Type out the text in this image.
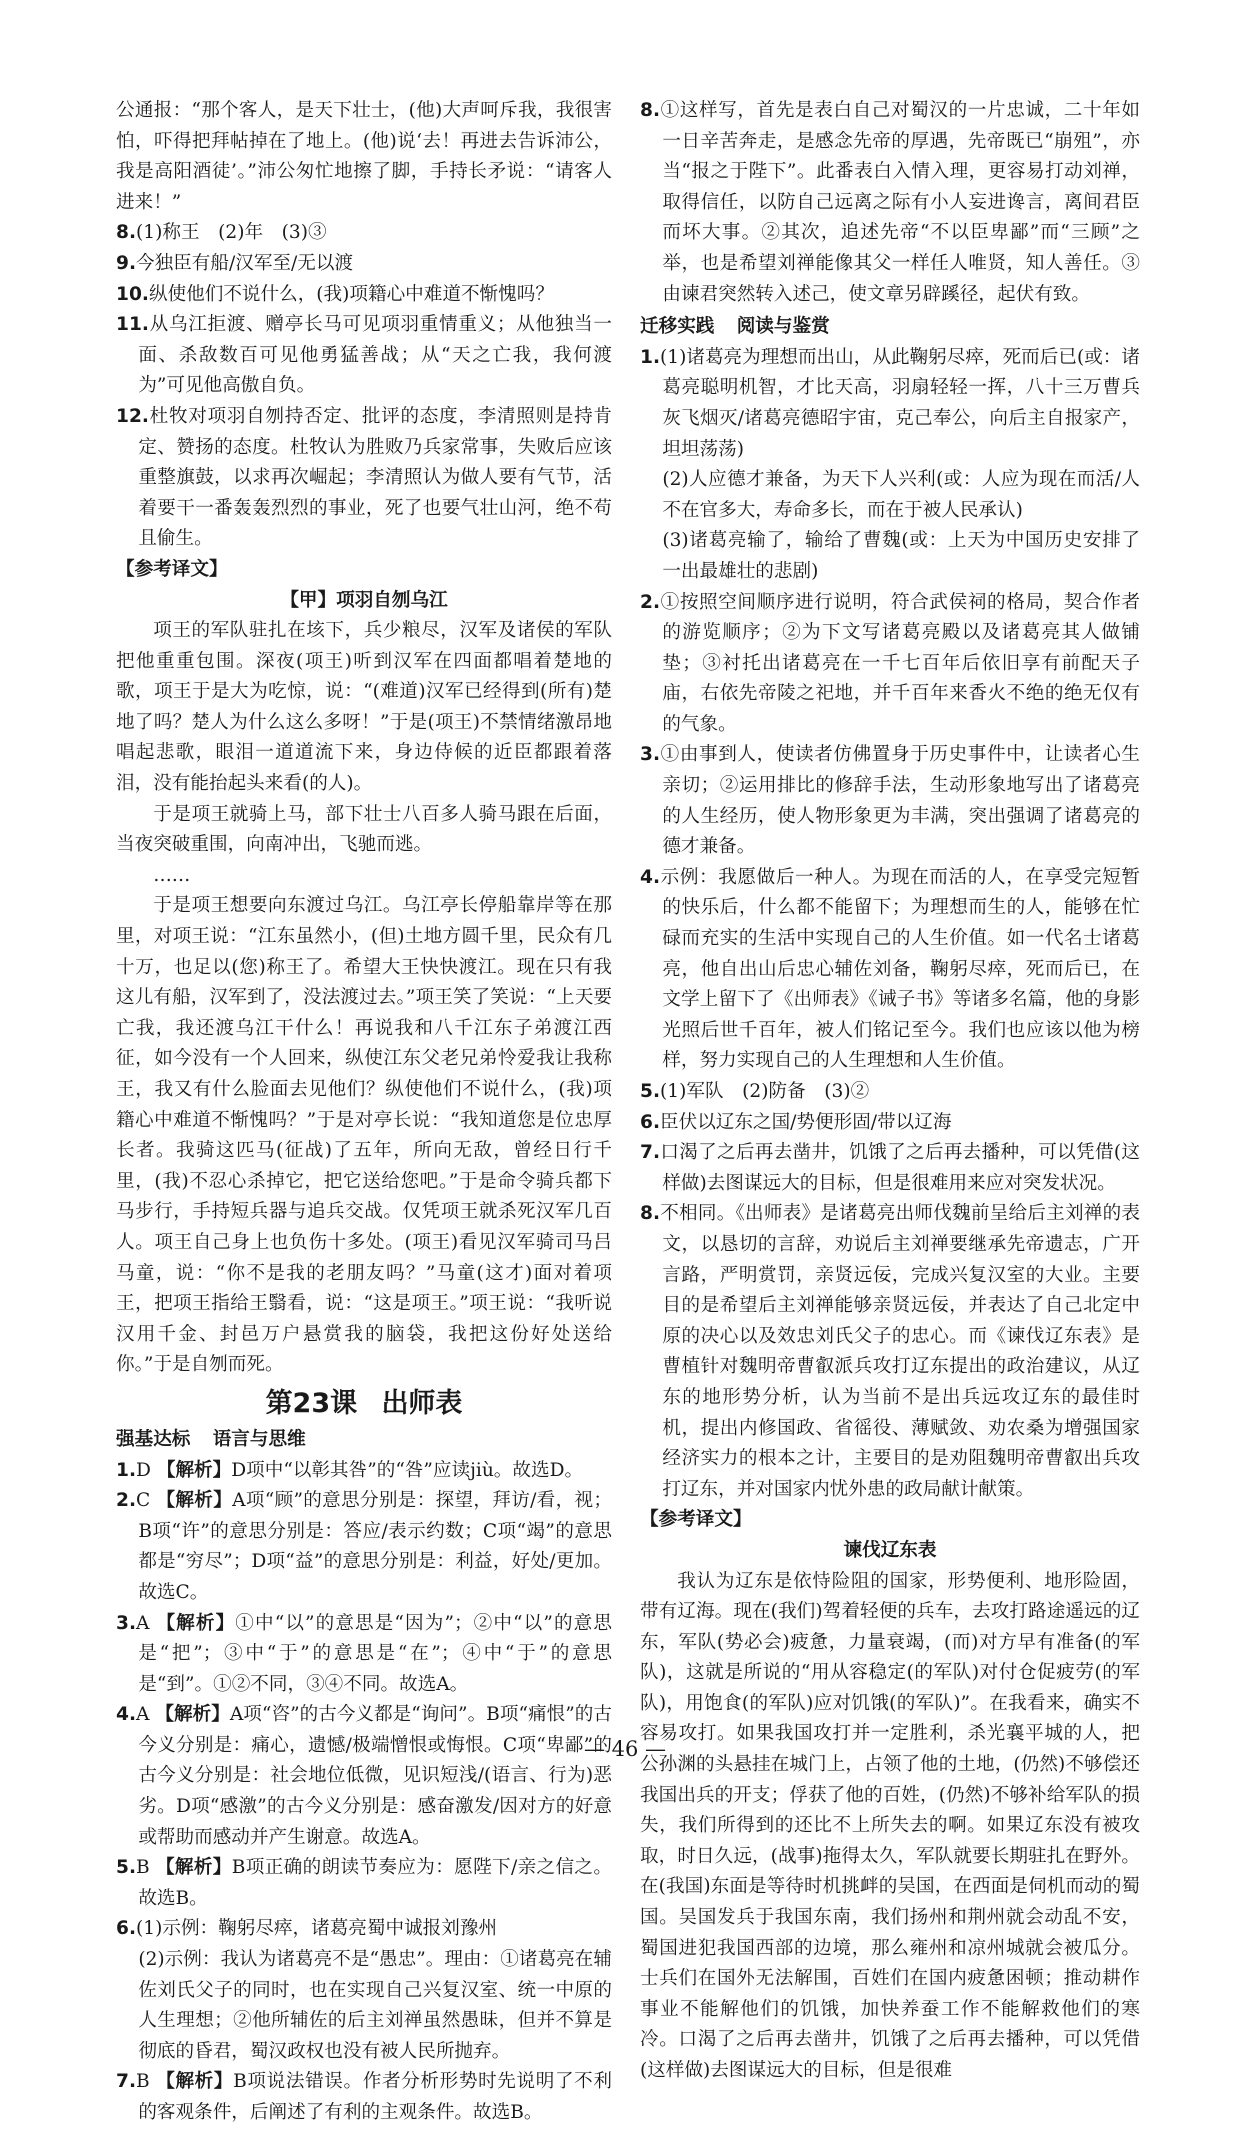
公通报：“那个客人，是天下壮士，(他)大声呵斥我，我很害怕，吓得把拜帖掉在了地上。(他)说‘去！再进去告诉沛公，我是高阳酒徒’。”沛公匆忙地擦了脚，手持长矛说：“请客人进来！”

8.(1)称王　(2)年　(3)③

9.今独臣有船/汉军至/无以渡

10.纵使他们不说什么，(我)项籍心中难道不惭愧吗？

11.从乌江拒渡、赠亭长马可见项羽重情重义；从他独当一面、杀敌数百可见他勇猛善战；从“天之亡我，我何渡为”可见他高傲自负。

12.杜牧对项羽自刎持否定、批评的态度，李清照则是持肯定、赞扬的态度。杜牧认为胜败乃兵家常事，失败后应该重整旗鼓，以求再次崛起；李清照认为做人要有气节，活着要干一番轰轰烈烈的事业，死了也要气壮山河，绝不苟且偷生。

【参考译文】

【甲】项羽自刎乌江

项王的军队驻扎在垓下，兵少粮尽，汉军及诸侯的军队把他重重包围。深夜(项王)听到汉军在四面都唱着楚地的歌，项王于是大为吃惊，说：“(难道)汉军已经得到(所有)楚地了吗？楚人为什么这么多呀！”于是(项王)不禁情绪激昂地唱起悲歌，眼泪一道道流下来，身边侍候的近臣都跟着落泪，没有能抬起头来看(的人)。

于是项王就骑上马，部下壮士八百多人骑马跟在后面，当夜突破重围，向南冲出，飞驰而逃。

……

于是项王想要向东渡过乌江。乌江亭长停船靠岸等在那里，对项王说：“江东虽然小，(但)土地方圆千里，民众有几十万，也足以(您)称王了。希望大王快快渡江。现在只有我这儿有船，汉军到了，没法渡过去。”项王笑了笑说：“上天要亡我，我还渡乌江干什么！再说我和八千江东子弟渡江西征，如今没有一个人回来，纵使江东父老兄弟怜爱我让我称王，我又有什么脸面去见他们？纵使他们不说什么，(我)项籍心中难道不惭愧吗？”于是对亭长说：“我知道您是位忠厚长者。我骑这匹马(征战)了五年，所向无敌，曾经日行千里，(我)不忍心杀掉它，把它送给您吧。”于是命令骑兵都下马步行，手持短兵器与追兵交战。仅凭项王就杀死汉军几百人。项王自己身上也负伤十多处。(项王)看见汉军骑司马吕马童，说：“你不是我的老朋友吗？”马童(这才)面对着项王，把项王指给王翳看，说：“这是项王。”项王说：“我听说汉用千金、封邑万户悬赏我的脑袋，我把这份好处送给你。”于是自刎而死。

第23课 出师表

强基达标 语言与思维

1.D 【解析】D项中“以彰其咎”的“咎”应读jiù。故选D。

2.C 【解析】A项“顾”的意思分别是：探望，拜访/看，视；B项“许”的意思分别是：答应/表示约数；C项“竭”的意思都是“穷尽”；D项“益”的意思分别是：利益，好处/更加。故选C。

3.A 【解析】①中“以”的意思是“因为”；②中“以”的意思是“把”；③中“于”的意思是“在”；④中“于”的意思是“到”。①②不同，③④不同。故选A。

4.A 【解析】A项“咨”的古今义都是“询问”。B项“痛恨”的古今义分别是：痛心，遗憾/极端憎恨或悔恨。C项“卑鄙”的古今义分别是：社会地位低微，见识短浅/(语言、行为)恶劣。D项“感激”的古今义分别是：感奋激发/因对方的好意或帮助而感动并产生谢意。故选A。

5.B 【解析】B项正确的朗读节奏应为：愿陛下/亲之信之。故选B。

6.(1)示例：鞠躬尽瘁，诸葛亮蜀中诚报刘豫州

(2)示例：我认为诸葛亮不是“愚忠”。理由：①诸葛亮在辅佐刘氏父子的同时，也在实现自己兴复汉室、统一中原的人生理想；②他所辅佐的后主刘禅虽然愚昧，但并不算是彻底的昏君，蜀汉政权也没有被人民所抛弃。

7.B 【解析】B项说法错误。作者分析形势时先说明了不利的客观条件，后阐述了有利的主观条件。故选B。

8.①这样写，首先是表白自己对蜀汉的一片忠诚，二十年如一日辛苦奔走，是感念先帝的厚遇，先帝既已“崩殂”，亦当“报之于陛下”。此番表白入情入理，更容易打动刘禅，取得信任，以防自己远离之际有小人妄进谗言，离间君臣而坏大事。②其次，追述先帝“不以臣卑鄙”而“三顾”之举，也是希望刘禅能像其父一样任人唯贤，知人善任。③由谏君突然转入述己，使文章另辟蹊径，起伏有致。

迁移实践 阅读与鉴赏

1.(1)诸葛亮为理想而出山，从此鞠躬尽瘁，死而后已(或：诸葛亮聪明机智，才比天高，羽扇轻轻一挥，八十三万曹兵灰飞烟灭/诸葛亮德昭宇宙，克己奉公，向后主自报家产，坦坦荡荡)

(2)人应德才兼备，为天下人兴利(或：人应为现在而活/人不在官多大，寿命多长，而在于被人民承认)

(3)诸葛亮输了，输给了曹魏(或：上天为中国历史安排了一出最雄壮的悲剧)

2.①按照空间顺序进行说明，符合武侯祠的格局，契合作者的游览顺序；②为下文写诸葛亮殿以及诸葛亮其人做铺垫；③衬托出诸葛亮在一千七百年后依旧享有前配天子庙，右依先帝陵之祀地，并千百年来香火不绝的绝无仅有的气象。

3.①由事到人，使读者仿佛置身于历史事件中，让读者心生亲切；②运用排比的修辞手法，生动形象地写出了诸葛亮的人生经历，使人物形象更为丰满，突出强调了诸葛亮的德才兼备。

4.示例：我愿做后一种人。为现在而活的人，在享受完短暂的快乐后，什么都不能留下；为理想而生的人，能够在忙碌而充实的生活中实现自己的人生价值。如一代名士诸葛亮，他自出山后忠心辅佐刘备，鞠躬尽瘁，死而后已，在文学上留下了《出师表》《诫子书》等诸多名篇，他的身影光照后世千百年，被人们铭记至今。我们也应该以他为榜样，努力实现自己的人生理想和人生价值。

5.(1)军队　(2)防备　(3)②

6.臣伏以辽东之国/势便形固/带以辽海

7.口渴了之后再去凿井，饥饿了之后再去播种，可以凭借(这样做)去图谋远大的目标，但是很难用来应对突发状况。

8.不相同。《出师表》是诸葛亮出师伐魏前呈给后主刘禅的表文，以恳切的言辞，劝说后主刘禅要继承先帝遗志，广开言路，严明赏罚，亲贤远佞，完成兴复汉室的大业。主要目的是希望后主刘禅能够亲贤远佞，并表达了自己北定中原的决心以及效忠刘氏父子的忠心。而《谏伐辽东表》是曹植针对魏明帝曹叡派兵攻打辽东提出的政治建议，从辽东的地形势分析，认为当前不是出兵远攻辽东的最佳时机，提出内修国政、省徭役、薄赋敛、劝农桑为增强国家经济实力的根本之计，主要目的是劝阻魏明帝曹叡出兵攻打辽东，并对国家内忧外患的政局献计献策。

【参考译文】

谏伐辽东表

我认为辽东是依恃险阻的国家，形势便利、地形险固，带有辽海。现在(我们)驾着轻便的兵车，去攻打路途遥远的辽东，军队(势必会)疲惫，力量衰竭，(而)对方早有准备(的军队)，这就是所说的“用从容稳定(的军队)对付仓促疲劳(的军队)，用饱食(的军队)应对饥饿(的军队)”。在我看来，确实不容易攻打。如果我国攻打并一定胜利，杀光襄平城的人，把公孙渊的头悬挂在城门上，占领了他的土地，(仍然)不够偿还我国出兵的开支；俘获了他的百姓，(仍然)不够补给军队的损失，我们所得到的还比不上所失去的啊。如果辽东没有被攻取，时日久远，(战事)拖得太久，军队就要长期驻扎在野外。在(我国)东面是等待时机挑衅的吴国，在西面是伺机而动的蜀国。吴国发兵于我国东南，我们扬州和荆州就会动乱不安，蜀国进犯我国西部的边境，那么雍州和凉州城就会被瓜分。士兵们在国外无法解围，百姓们在国内疲惫困顿；推动耕作事业不能解他们的饥饿，加快养蚕工作不能解救他们的寒冷。口渴了之后再去凿井，饥饿了之后再去播种，可以凭借(这样做)去图谋远大的目标，但是很难

— 46 —
